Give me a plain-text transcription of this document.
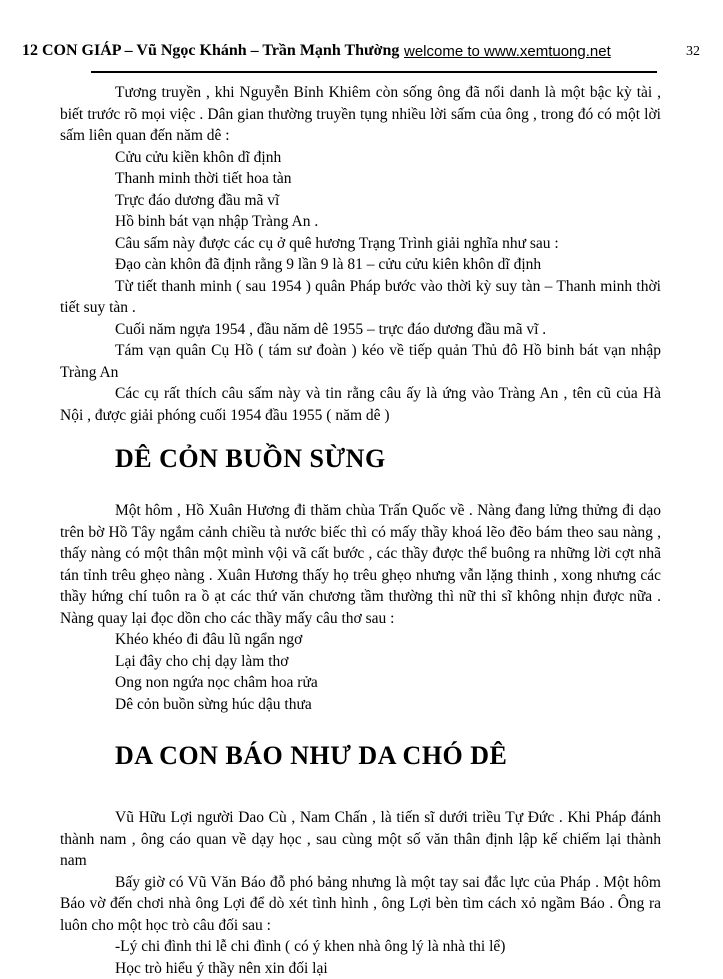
12 CON GIÁP – Vũ Ngọc Khánh – Trần Mạnh Thường welcome to www.xemtuong.net	32

Tương truyền , khi Nguyễn Bỉnh Khiêm còn sống ông đã nổi danh là một bậc kỳ tài , biết trước rõ mọi việc . Dân gian thường truyền tụng nhiều lời sấm của ông , trong đó có một lời sấm liên quan đến năm dê :

Cửu cửu kiền khôn dĩ định

Thanh minh thời tiết hoa tàn

Trực đáo dương đầu mã vĩ

Hồ binh bát vạn nhập Tràng An .

Câu sấm này được các cụ ở quê hương Trạng Trình giải nghĩa như sau :

Đạo càn khôn đã định rằng 9 lần 9 là 81 – cửu cửu kiên khôn dĩ định

Từ tiết thanh minh ( sau 1954 ) quân Pháp bước vào thời kỳ suy tàn – Thanh minh thời tiết suy tàn .

Cuối năm ngựa 1954 , đầu năm dê 1955 – trực đáo dương đầu mã vĩ .

Tám vạn quân Cụ Hồ ( tám sư đoàn ) kéo về tiếp quản Thủ đô Hồ binh bát vạn nhập Tràng An

Các cụ rất thích câu sấm này và tin rằng câu ấy là ứng vào Tràng An , tên cũ của Hà Nội , được giải phóng cuối 1954 đầu 1955 ( năm dê )

DÊ CỎN BUỒN SỪNG

Một hôm , Hồ Xuân Hương đi thăm chùa Trấn Quốc về . Nàng đang lửng thửng đi dạo trên bờ Hồ Tây ngắm cảnh chiều tà nước biếc thì có mấy thầy khoá lẽo đẽo bám theo sau nàng , thấy nàng có một thân một mình vội vã cất bước , các thầy được thể buông ra những lời cợt nhã tán tỉnh trêu ghẹo nàng . Xuân Hương thấy họ trêu ghẹo nhưng vẫn lặng thinh , xong nhưng các thầy hứng chí tuôn ra ồ ạt các thứ văn chương tầm thường thì nữ thi sĩ không nhịn được nữa . Nàng quay lại đọc dồn cho các thầy mấy câu thơ sau :

Khéo khéo đi đâu lũ ngẩn ngơ

Lại đây cho chị dạy làm thơ

Ong non ngứa nọc châm hoa rửa

Dê cỏn buồn sừng húc dậu thưa

DA CON BÁO NHƯ DA CHÓ DÊ

Vũ Hữu Lợi người Dao Cù , Nam Chấn , là tiến sĩ dưới triều Tự Đức . Khi Pháp đánh thành nam , ông cáo quan về dạy học , sau cùng một số văn thân định lập kế chiếm lại thành nam

Bấy giờ có Vũ Văn Báo đỗ phó bảng nhưng là một tay sai đắc lực của Pháp . Một hôm Báo vờ đến chơi nhà ông Lợi để dò xét tình hình , ông Lợi bèn tìm cách xỏ ngầm Báo . Ông ra luôn cho một học trò câu đối sau :

-Lý chi đình thi lễ chi đình ( có ý khen nhà ông lý là nhà thi lể)

Học trò hiểu ý thầy nên xin đối lại
